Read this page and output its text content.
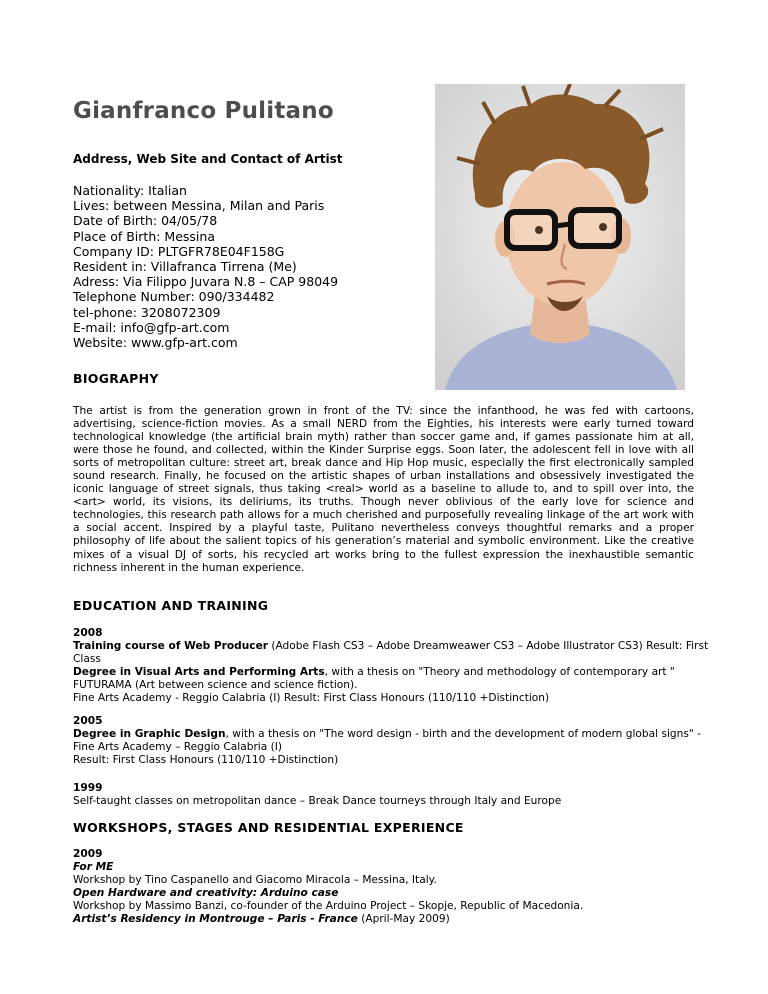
Gianfranco Pulitano
Address, Web Site and Contact of Artist
Nationality: Italian
Lives: between Messina, Milan and Paris
Date of Birth: 04/05/78
Place of Birth: Messina
Company ID: PLTGFR78E04F158G
Resident in: Villafranca Tirrena (Me)
Adress: Via Filippo Juvara N.8 – CAP 98049
Telephone Number: 090/334482
tel-phone: 3208072309
E-mail: info@gfp-art.com
Website: www.gfp-art.com
BIOGRAPHY
The artist is from the generation grown in front of the TV: since the infanthood, he was fed with cartoons, advertising, science-fiction movies. As a small NERD from the Eighties, his interests were early turned toward technological knowledge (the artificial brain myth) rather than soccer game and, if games passionate him at all, were those he found, and collected, within the Kinder Surprise eggs. Soon later, the adolescent fell in love with all sorts of metropolitan culture: street art, break dance and Hip Hop music, especially the first electronically sampled sound research. Finally, he focused on the artistic shapes of urban installations and obsessively investigated the iconic language of street signals, thus taking <real> world as a baseline to allude to, and to spill over into, the <art> world, its visions, its deliriums, its truths. Though never oblivious of the early love for science and technologies, this research path allows for a much cherished and purposefully revealing linkage of the art work with a social accent. Inspired by a playful taste, Pulitano nevertheless conveys thoughtful remarks and a proper philosophy of life about the salient topics of his generation’s material and symbolic environment. Like the creative mixes of a visual DJ of sorts, his recycled art works bring to the fullest expression the inexhaustible semantic richness inherent in the human experience.
EDUCATION AND TRAINING
2008
Training course of Web Producer (Adobe Flash CS3 – Adobe Dreamweawer CS3 – Adobe Illustrator CS3) Result: First Class
Degree in Visual Arts and Performing Arts, with a thesis on "Theory and methodology of contemporary art " FUTURAMA (Art between science and science fiction).
Fine Arts Academy - Reggio Calabria (I) Result: First Class Honours (110/110 +Distinction)
2005
Degree in Graphic Design, with a thesis on "The word design - birth and the development of modern global signs" - Fine Arts Academy – Reggio Calabria (I)
Result: First Class Honours (110/110 +Distinction)
1999
Self-taught classes on metropolitan dance – Break Dance tourneys through Italy and Europe
WORKSHOPS, STAGES AND RESIDENTIAL EXPERIENCE
2009
For ME
Workshop by Tino Caspanello and Giacomo Miracola – Messina, Italy.
Open Hardware and creativity: Arduino case
Workshop by Massimo Banzi, co-founder of the Arduino Project – Skopje, Republic of Macedonia.
Artist’s Residency in Montrouge – Paris - France (April-May 2009)
